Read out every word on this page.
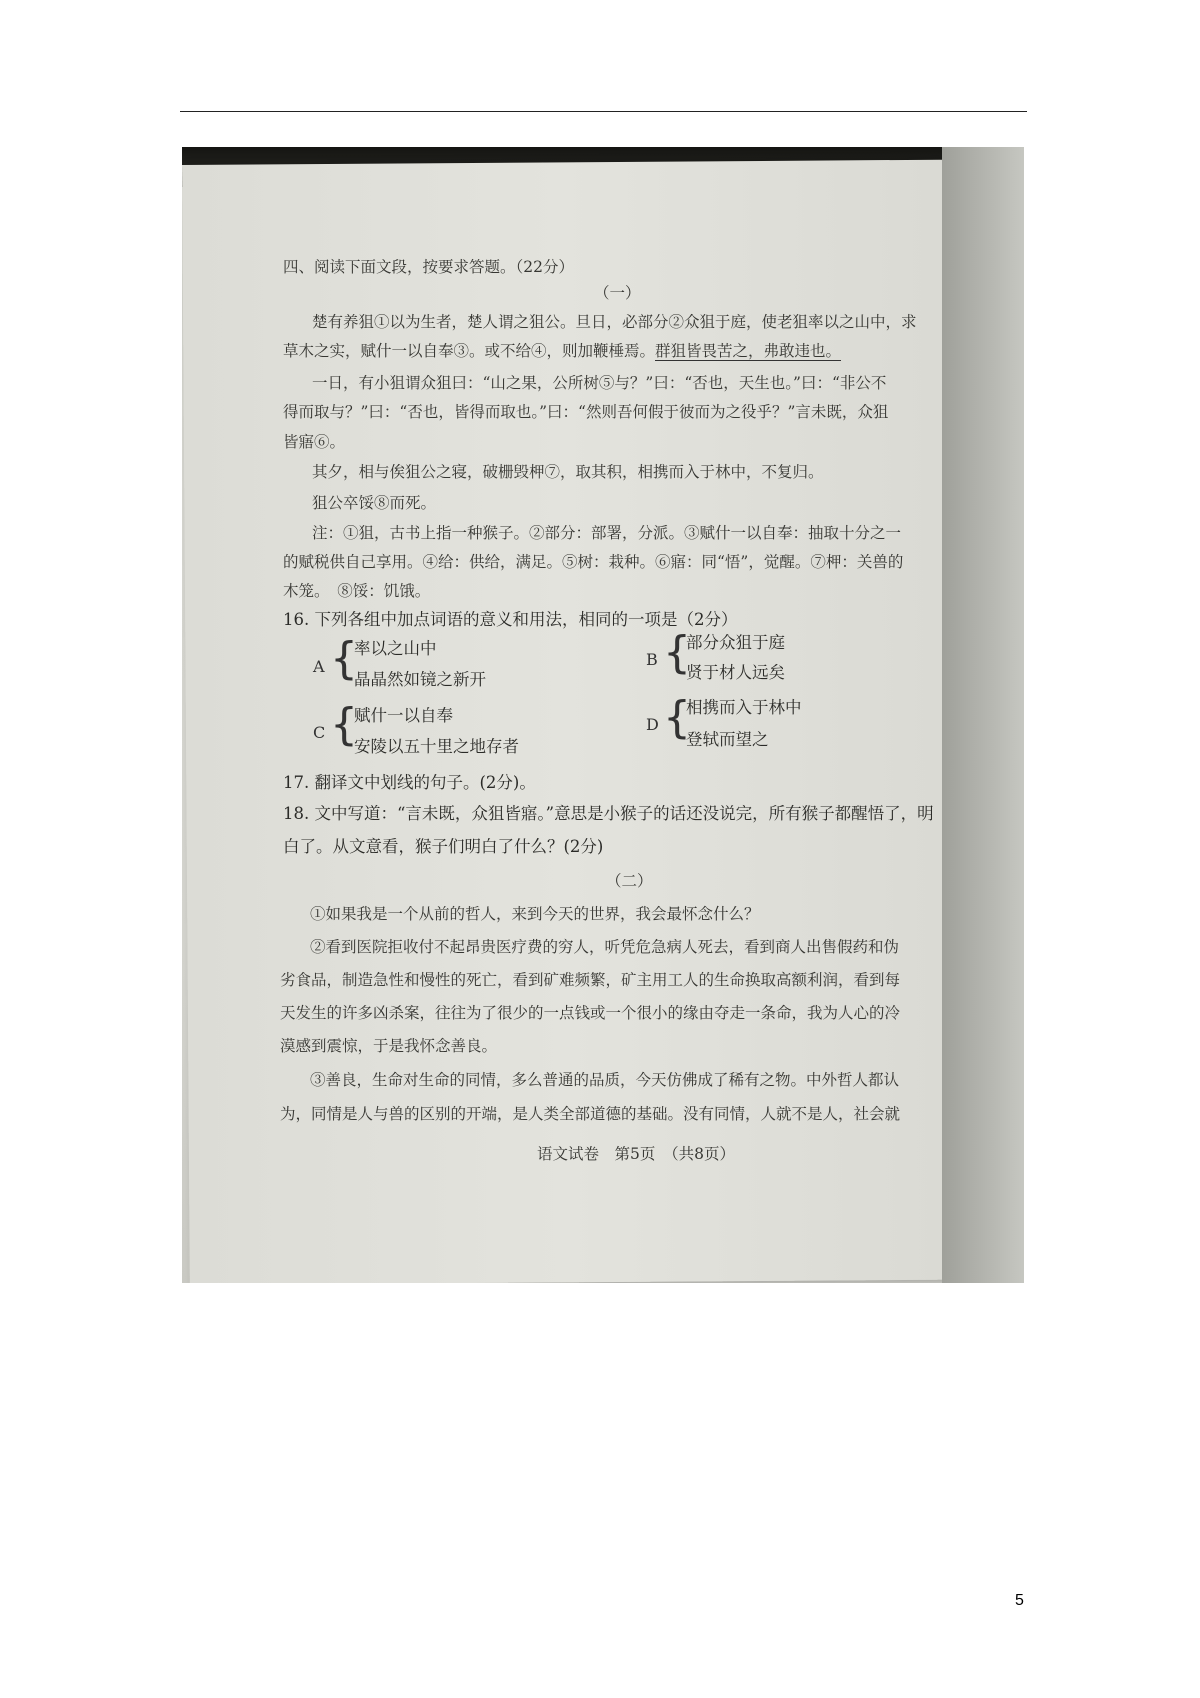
四、阅读下面文段，按要求答题。（22分）
（一）
楚有养狙①以为生者，楚人谓之狙公。旦日，必部分②众狙于庭，使老狙率以之山中，求
草木之实，赋什一以自奉③。或不给④，则加鞭棰焉。群狙皆畏苦之，弗敢违也。
一日，有小狙谓众狙曰：“山之果，公所树⑤与？”曰：“否也，天生也。”曰：“非公不
得而取与？”曰：“否也，皆得而取也。”曰：“然则吾何假于彼而为之役乎？”言未既，众狙
皆寤⑥。
其夕，相与俟狙公之寝，破栅毁柙⑦，取其积，相携而入于林中，不复归。
狙公卒馁⑧而死。
注：①狙，古书上指一种猴子。②部分：部署，分派。③赋什一以自奉：抽取十分之一
的赋税供自己享用。④给：供给，满足。⑤树：栽种。⑥寤：同“悟”，觉醒。⑦柙：关兽的
木笼。　⑧馁：饥饿。
16. 下列各组中加点词语的意义和用法，相同的一项是（2分）
A {
率以之山中
晶晶然如镜之新开
B {
部分众狙于庭
贤于材人远矣
C {
赋什一以自奉
安陵以五十里之地存者
D {
相携而入于林中
登轼而望之
17. 翻译文中划线的句子。(2分)。
18. 文中写道：“言未既，众狙皆寤。”意思是小猴子的话还没说完，所有猴子都醒悟了，明
白了。从文意看，猴子们明白了什么？(2分)
（二）
①如果我是一个从前的哲人，来到今天的世界，我会最怀念什么？
②看到医院拒收付不起昂贵医疗费的穷人，听凭危急病人死去，看到商人出售假药和伪
劣食品，制造急性和慢性的死亡，看到矿难频繁，矿主用工人的生命换取高额利润，看到每
天发生的许多凶杀案，往往为了很少的一点钱或一个很小的缘由夺走一条命，我为人心的冷
漠感到震惊，于是我怀念善良。
③善良，生命对生命的同情，多么普通的品质，今天仿佛成了稀有之物。中外哲人都认
为，同情是人与兽的区别的开端，是人类全部道德的基础。没有同情，人就不是人，社会就
语文试卷　第5页　（共8页）
5
